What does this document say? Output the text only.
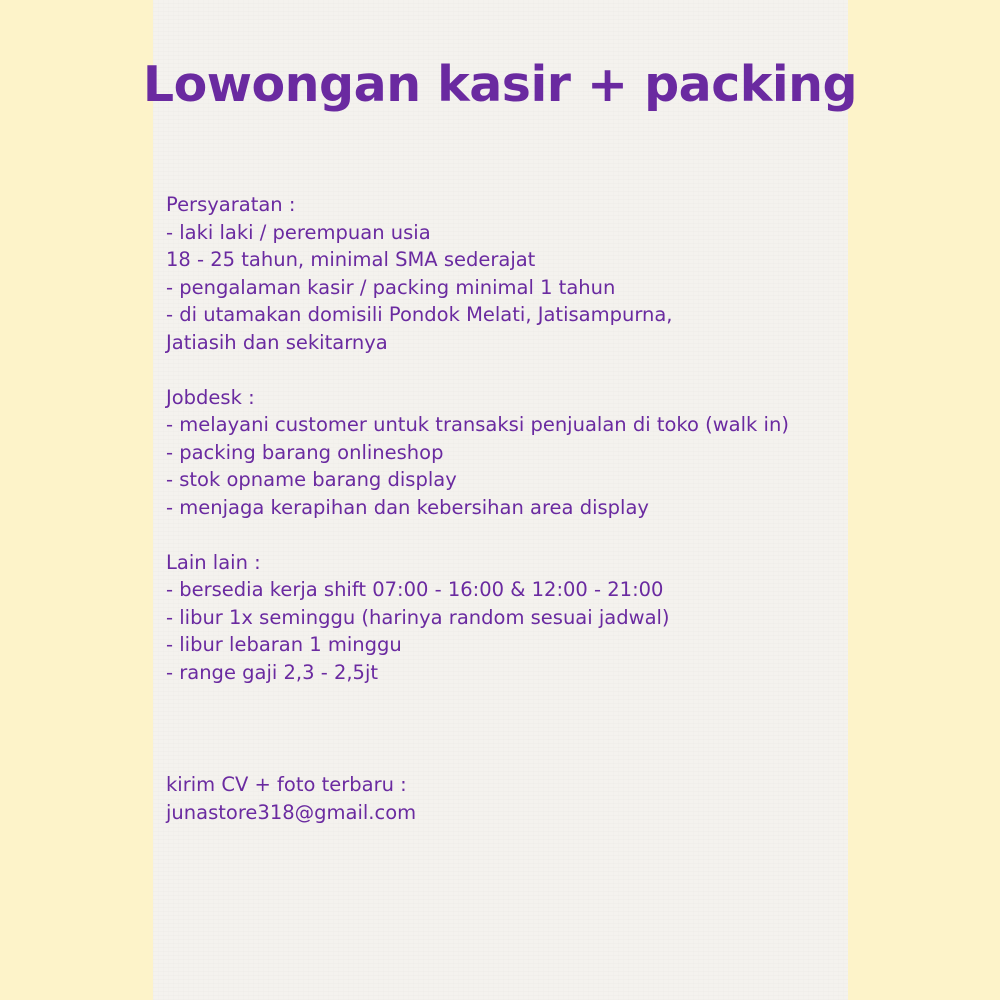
Lowongan kasir + packing
Persyaratan :
- laki laki / perempuan usia
18 - 25 tahun, minimal SMA sederajat
- pengalaman kasir / packing minimal 1 tahun
- di utamakan domisili Pondok Melati, Jatisampurna,
Jatiasih dan sekitarnya
Jobdesk :
- melayani customer untuk transaksi penjualan di toko (walk in)
- packing barang onlineshop
- stok opname barang display
- menjaga kerapihan dan kebersihan area display
Lain lain :
- bersedia kerja shift 07:00 - 16:00 & 12:00 - 21:00
- libur 1x seminggu (harinya random sesuai jadwal)
- libur lebaran 1 minggu
- range gaji 2,3 - 2,5jt
kirim CV + foto terbaru :
junastore318@gmail.com
